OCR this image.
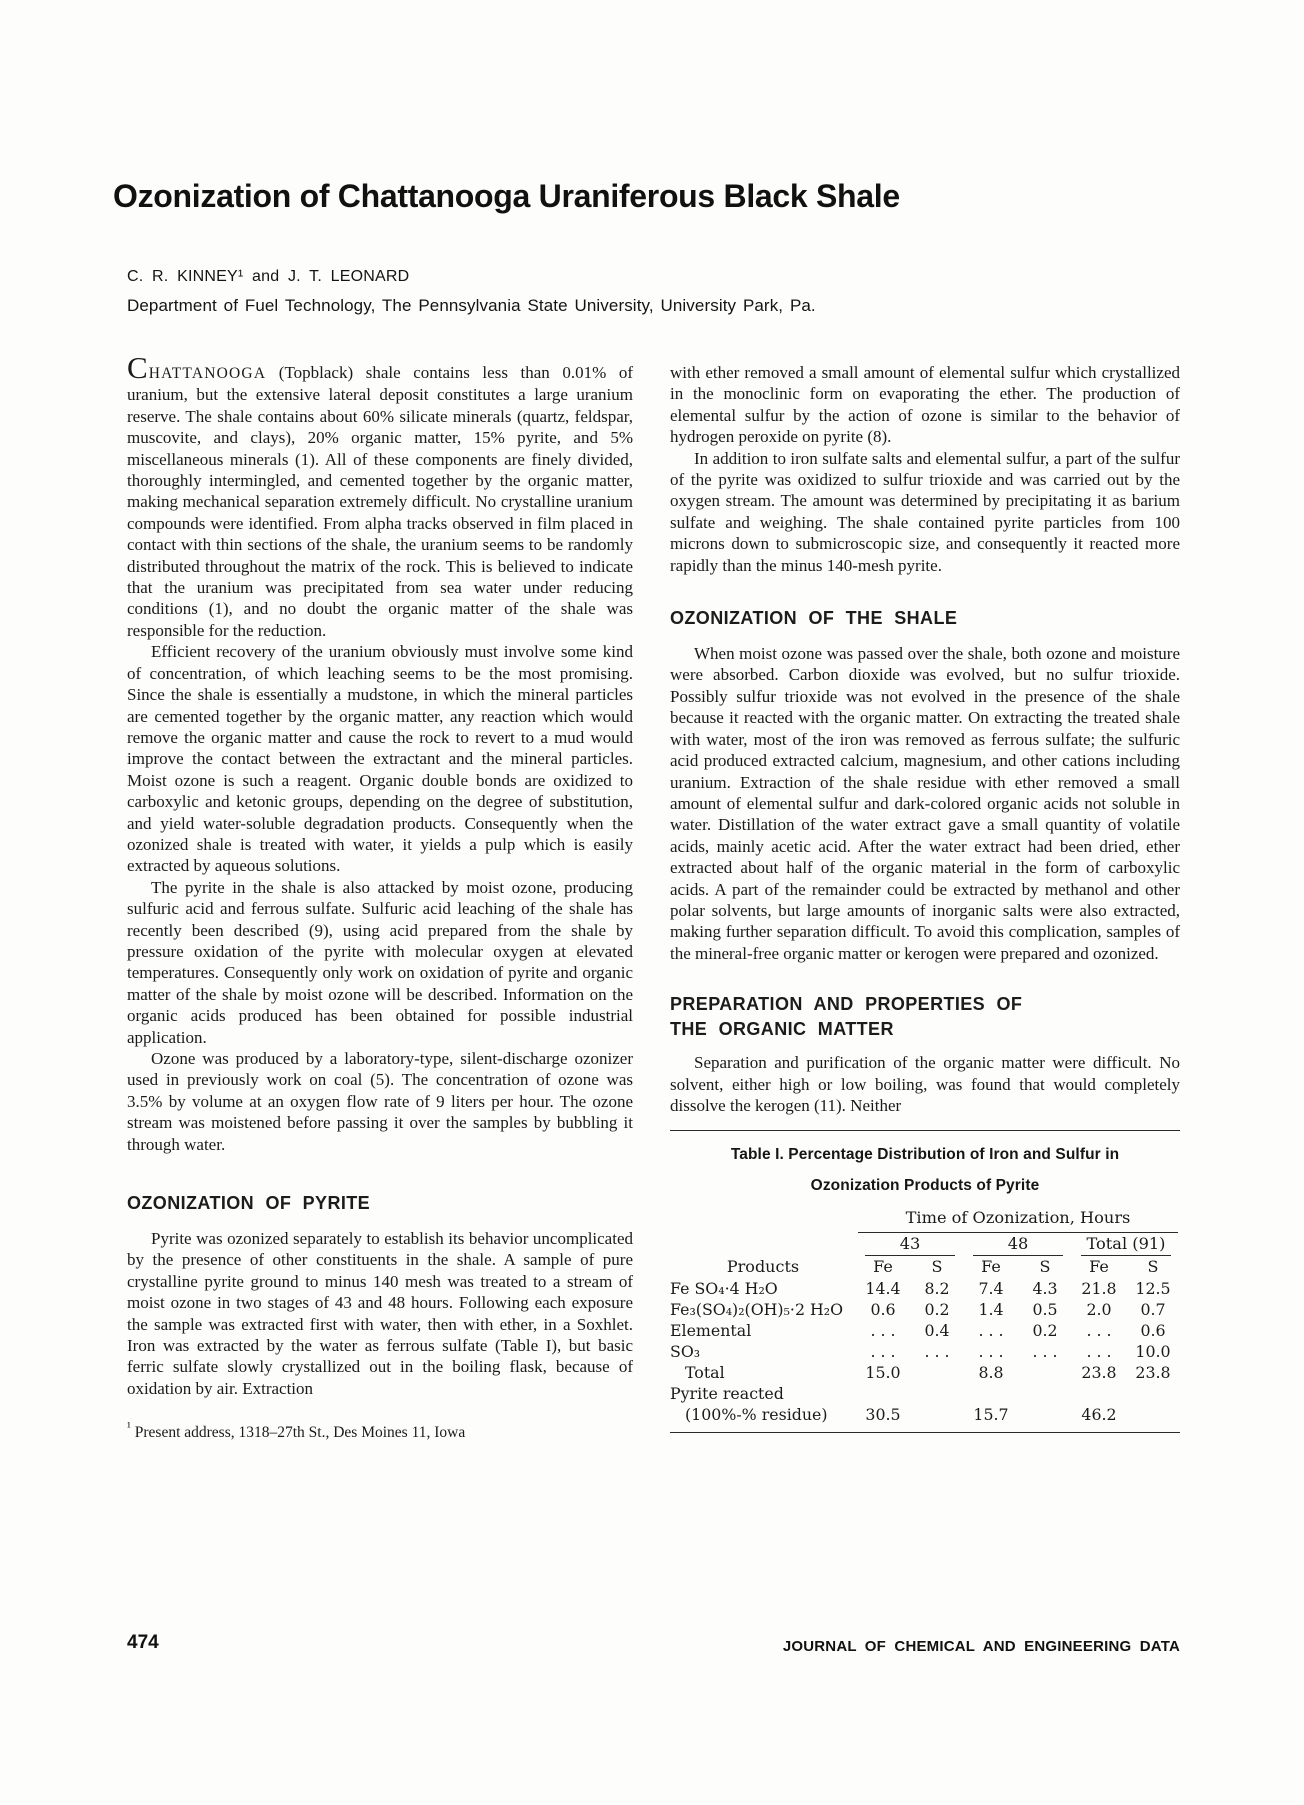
Ozonization of Chattanooga Uraniferous Black Shale
C. R. KINNEY¹ and J. T. LEONARD
Department of Fuel Technology, The Pennsylvania State University, University Park, Pa.

CHATTANOOGA (Topblack) shale contains less than 0.01% of uranium, but the extensive lateral deposit constitutes a large uranium reserve. The shale contains about 60% silicate minerals (quartz, feldspar, muscovite, and clays), 20% organic matter, 15% pyrite, and 5% miscellaneous minerals (1). All of these components are finely divided, thoroughly intermingled, and cemented together by the organic matter, making mechanical separation extremely difficult. No crystalline uranium compounds were identified. From alpha tracks observed in film placed in contact with thin sections of the shale, the uranium seems to be randomly distributed throughout the matrix of the rock. This is believed to indicate that the uranium was precipitated from sea water under reducing conditions (1), and no doubt the organic matter of the shale was responsible for the reduction.

Efficient recovery of the uranium obviously must involve some kind of concentration, of which leaching seems to be the most promising. Since the shale is essentially a mudstone, in which the mineral particles are cemented together by the organic matter, any reaction which would remove the organic matter and cause the rock to revert to a mud would improve the contact between the extractant and the mineral particles. Moist ozone is such a reagent. Organic double bonds are oxidized to carboxylic and ketonic groups, depending on the degree of substitution, and yield water-soluble degradation products. Consequently when the ozonized shale is treated with water, it yields a pulp which is easily extracted by aqueous solutions.

The pyrite in the shale is also attacked by moist ozone, producing sulfuric acid and ferrous sulfate. Sulfuric acid leaching of the shale has recently been described (9), using acid prepared from the shale by pressure oxidation of the pyrite with molecular oxygen at elevated temperatures. Consequently only work on oxidation of pyrite and organic matter of the shale by moist ozone will be described. Information on the organic acids produced has been obtained for possible industrial application.

Ozone was produced by a laboratory-type, silent-discharge ozonizer used in previously work on coal (5). The concentration of ozone was 3.5% by volume at an oxygen flow rate of 9 liters per hour. The ozone stream was moistened before passing it over the samples by bubbling it through water.

OZONIZATION OF PYRITE

Pyrite was ozonized separately to establish its behavior uncomplicated by the presence of other constituents in the shale. A sample of pure crystalline pyrite ground to minus 140 mesh was treated to a stream of moist ozone in two stages of 43 and 48 hours. Following each exposure the sample was extracted first with water, then with ether, in a Soxhlet. Iron was extracted by the water as ferrous sulfate (Table I), but basic ferric sulfate slowly crystallized out in the boiling flask, because of oxidation by air. Extraction

$^{^1}$ Present address, 1318–27th St., Des Moines 11, Iowa

with ether removed a small amount of elemental sulfur which crystallized in the monoclinic form on evaporating the ether. The production of elemental sulfur by the action of ozone is similar to the behavior of hydrogen peroxide on pyrite (8).

In addition to iron sulfate salts and elemental sulfur, a part of the sulfur of the pyrite was oxidized to sulfur trioxide and was carried out by the oxygen stream. The amount was determined by precipitating it as barium sulfate and weighing. The shale contained pyrite particles from 100 microns down to submicroscopic size, and consequently it reacted more rapidly than the minus 140-mesh pyrite.

OZONIZATION OF THE SHALE

When moist ozone was passed over the shale, both ozone and moisture were absorbed. Carbon dioxide was evolved, but no sulfur trioxide. Possibly sulfur trioxide was not evolved in the presence of the shale because it reacted with the organic matter. On extracting the treated shale with water, most of the iron was removed as ferrous sulfate; the sulfuric acid produced extracted calcium, magnesium, and other cations including uranium. Extraction of the shale residue with ether removed a small amount of elemental sulfur and dark-colored organic acids not soluble in water. Distillation of the water extract gave a small quantity of volatile acids, mainly acetic acid. After the water extract had been dried, ether extracted about half of the organic material in the form of carboxylic acids. A part of the remainder could be extracted by methanol and other polar solvents, but large amounts of inorganic salts were also extracted, making further separation difficult. To avoid this complication, samples of the mineral-free organic matter or kerogen were prepared and ozonized.

PREPARATION AND PROPERTIES OF
THE ORGANIC MATTER

Separation and purification of the organic matter were difficult. No solvent, either high or low boiling, was found that would completely dissolve the kerogen (11). Neither

Table I. Percentage Distribution of Iron and Sulfur in
Ozonization Products of Pyrite

	Time of Ozonization, Hours					

	43		48		Total (91)	

Products	Fe	S	Fe	S	Fe	S
Fe SO₄·4 H₂O	14.4	8.2	7.4	4.3	21.8	12.5
Fe₃(SO₄)₂(OH)₅·2 H₂O	0.6	0.2	1.4	0.5	2.0	0.7
Elemental	. . .	0.4	. . .	0.2	. . .	0.6
SO₃	. . .	. . .	. . .	. . .	. . .	10.0
Total	15.0		8.8		23.8	23.8
Pyrite reacted						
(100%-% residue)	30.5		15.7		46.2	
474	JOURNAL OF CHEMICAL AND ENGINEERING DATA
